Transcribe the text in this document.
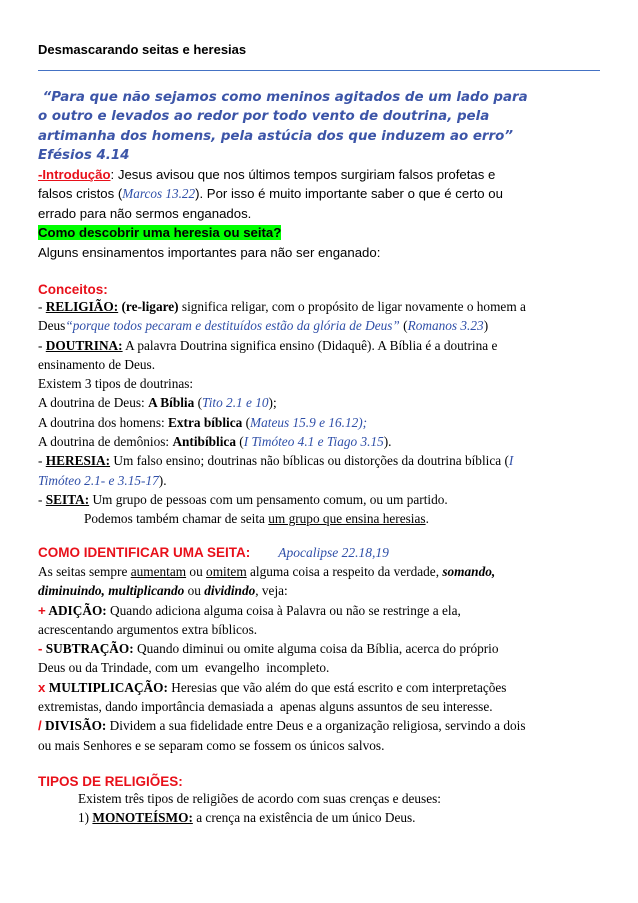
Desmascarando seitas e heresias
“Para que não sejamos como meninos agitados de um lado para
o outro e levados ao redor por todo vento de doutrina, pela
artimanha dos homens, pela astúcia dos que induzem ao erro”
Efésios 4.14
-Introdução: Jesus avisou que nos últimos tempos surgiriam falsos profetas e
falsos cristos (Marcos 13.22). Por isso é muito importante saber o que é certo ou
errado para não sermos enganados.
Como descobrir uma heresia ou seita?
Alguns ensinamentos importantes para não ser enganado:
Conceitos:
- RELIGIÃO: (re-ligare) significa religar, com o propósito de ligar novamente o homem a
Deus“porque todos pecaram e destituídos estão da glória de Deus” (Romanos 3.23)
- DOUTRINA: A palavra Doutrina significa ensino (Didaquê). A Bíblia é a doutrina e
ensinamento de Deus.
Existem 3 tipos de doutrinas:
A doutrina de Deus: A Bíblia (Tito 2.1 e 10);
A doutrina dos homens: Extra bíblica (Mateus 15.9 e 16.12);
A doutrina de demônios: Antibíblica (I Timóteo 4.1 e Tiago 3.15).
- HERESIA: Um falso ensino; doutrinas não bíblicas ou distorções da doutrina bíblica (I
Timóteo 2.1- e 3.15-17).
- SEITA: Um grupo de pessoas com um pensamento comum, ou um partido.
Podemos também chamar de seita um grupo que ensina heresias.
COMO IDENTIFICAR UMA SEITA: Apocalipse 22.18,19
As seitas sempre aumentam ou omitem alguma coisa a respeito da verdade, somando,
diminuindo, multiplicando ou dividindo, veja:
+ ADIÇÃO: Quando adiciona alguma coisa à Palavra ou não se restringe a ela,
acrescentando argumentos extra bíblicos.
- SUBTRAÇÃO: Quando diminui ou omite alguma coisa da Bíblia, acerca do próprio
Deus ou da Trindade, com um  evangelho  incompleto.
x MULTIPLICAÇÃO: Heresias que vão além do que está escrito e com interpretações
extremistas, dando importância demasiada a  apenas alguns assuntos de seu interesse.
/ DIVISÃO: Dividem a sua fidelidade entre Deus e a organização religiosa, servindo a dois
ou mais Senhores e se separam como se fossem os únicos salvos.
TIPOS DE RELIGIÕES:
Existem três tipos de religiões de acordo com suas crenças e deuses:
1) MONOTEÍSMO: a crença na existência de um único Deus.
